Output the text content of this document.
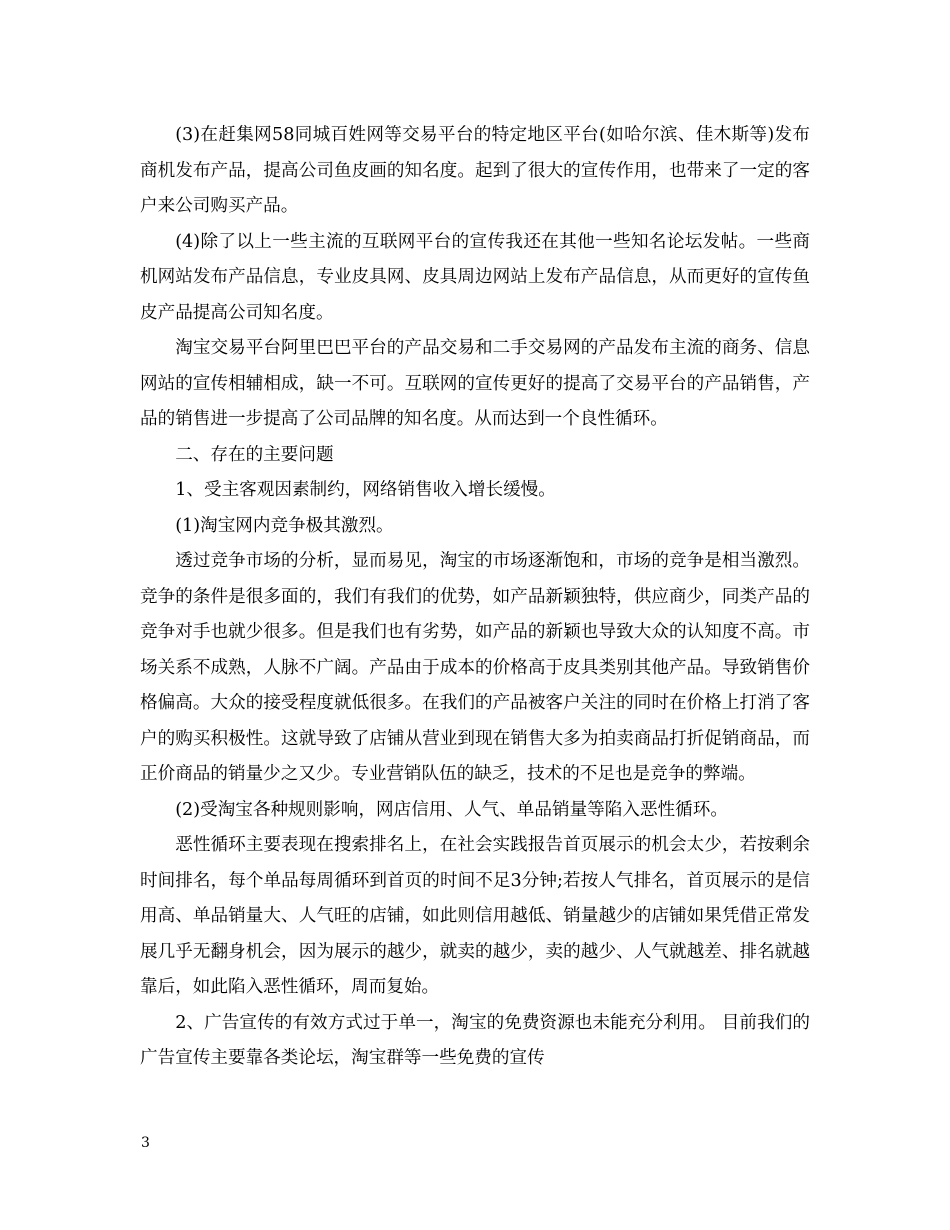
(3)在赶集网58同城百姓网等交易平台的特定地区平台(如哈尔滨、佳木斯等)发布商机发布产品，提高公司鱼皮画的知名度。起到了很大的宣传作用，也带来了一定的客户来公司购买产品。

(4)除了以上一些主流的互联网平台的宣传我还在其他一些知名论坛发帖。一些商机网站发布产品信息，专业皮具网、皮具周边网站上发布产品信息，从而更好的宣传鱼皮产品提高公司知名度。

淘宝交易平台阿里巴巴平台的产品交易和二手交易网的产品发布主流的商务、信息网站的宣传相辅相成，缺一不可。互联网的宣传更好的提高了交易平台的产品销售，产品的销售进一步提高了公司品牌的知名度。从而达到一个良性循环。

二、存在的主要问题

1、受主客观因素制约，网络销售收入增长缓慢。

(1)淘宝网内竞争极其激烈。

透过竞争市场的分析，显而易见，淘宝的市场逐渐饱和，市场的竞争是相当激烈。竞争的条件是很多面的，我们有我们的优势，如产品新颖独特，供应商少，同类产品的竞争对手也就少很多。但是我们也有劣势，如产品的新颖也导致大众的认知度不高。市场关系不成熟，人脉不广阔。产品由于成本的价格高于皮具类别其他产品。导致销售价格偏高。大众的接受程度就低很多。在我们的产品被客户关注的同时在价格上打消了客户的购买积极性。这就导致了店铺从营业到现在销售大多为拍卖商品打折促销商品，而正价商品的销量少之又少。专业营销队伍的缺乏，技术的不足也是竞争的弊端。

(2)受淘宝各种规则影响，网店信用、人气、单品销量等陷入恶性循环。

恶性循环主要表现在搜索排名上，在社会实践报告首页展示的机会太少，若按剩余时间排名，每个单品每周循环到首页的时间不足3分钟;若按人气排名，首页展示的是信用高、单品销量大、人气旺的店铺，如此则信用越低、销量越少的店铺如果凭借正常发展几乎无翻身机会，因为展示的越少，就卖的越少，卖的越少、人气就越差、排名就越靠后，如此陷入恶性循环，周而复始。

2、广告宣传的有效方式过于单一，淘宝的免费资源也未能充分利用。 目前我们的广告宣传主要靠各类论坛，淘宝群等一些免费的宣传

3
